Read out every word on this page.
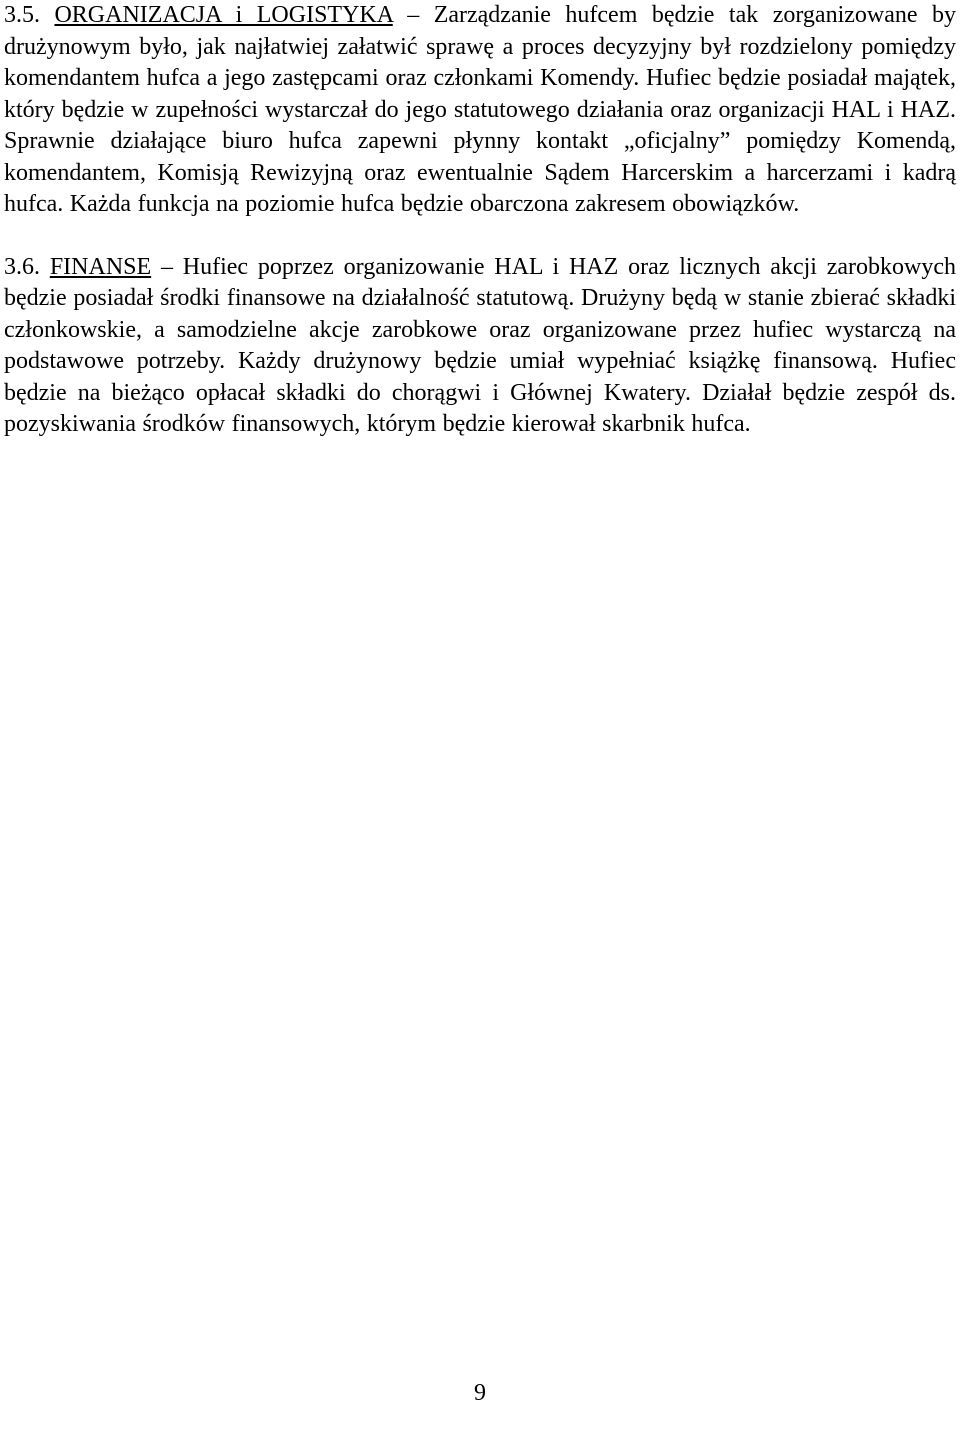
3.5. ORGANIZACJA i LOGISTYKA – Zarządzanie hufcem będzie tak zorganizowane by drużynowym było, jak najłatwiej załatwić sprawę a proces decyzyjny był rozdzielony pomiędzy komendantem hufca a jego zastępcami oraz członkami Komendy. Hufiec będzie posiadał majątek, który będzie w zupełności wystarczał do jego statutowego działania oraz organizacji HAL i HAZ. Sprawnie działające biuro hufca zapewni płynny kontakt „oficjalny” pomiędzy Komendą, komendantem, Komisją Rewizyjną oraz ewentualnie Sądem Harcerskim a harcerzami i kadrą hufca. Każda funkcja na poziomie hufca będzie obarczona zakresem obowiązków.

3.6. FINANSE – Hufiec poprzez organizowanie HAL i HAZ oraz licznych akcji zarobkowych będzie posiadał środki finansowe na działalność statutową. Drużyny będą w stanie zbierać składki członkowskie, a samodzielne akcje zarobkowe oraz organizowane przez hufiec wystarczą na podstawowe potrzeby. Każdy drużynowy będzie umiał wypełniać książkę finansową. Hufiec będzie na bieżąco opłacał składki do chorągwi i Głównej Kwatery. Działał będzie zespół ds. pozyskiwania środków finansowych, którym będzie kierował skarbnik hufca.

9
